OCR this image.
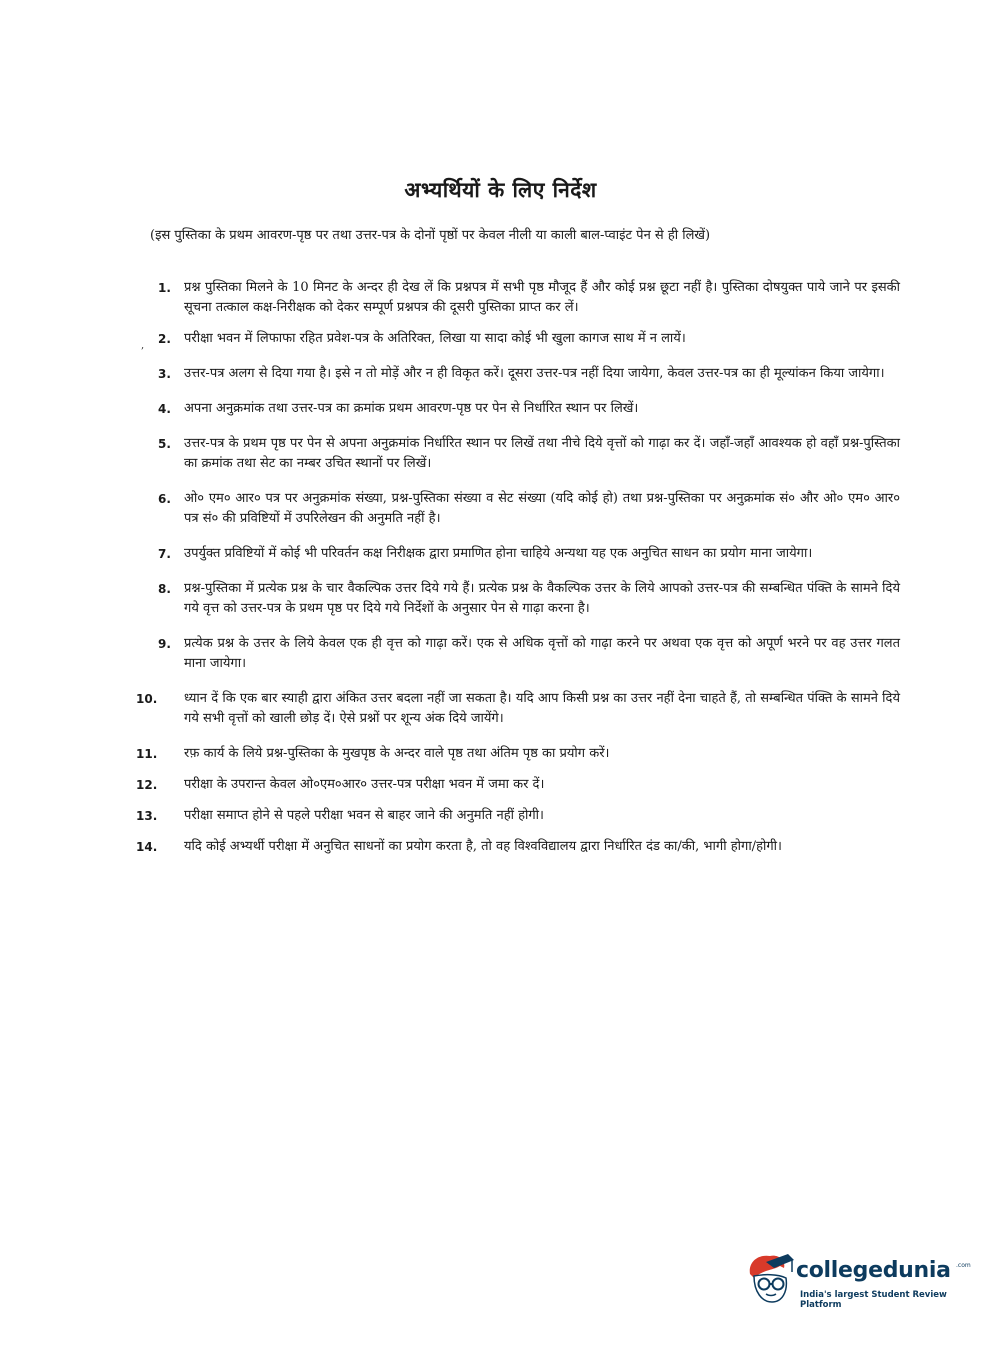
अभ्यर्थियों के लिए निर्देश
(इस पुस्तिका के प्रथम आवरण-पृष्ठ पर तथा उत्तर-पत्र के दोनों पृष्ठों पर केवल नीली या काली बाल-प्वाइंट पेन से ही लिखें)
,
1.	प्रश्न पुस्तिका मिलने के 10 मिनट के अन्दर ही देख लें कि प्रश्नपत्र में सभी पृष्ठ मौजूद हैं और कोई प्रश्न छूटा नहीं है। पुस्तिका दोषयुक्त पाये जाने पर इसकी सूचना तत्काल कक्ष-निरीक्षक को देकर सम्पूर्ण प्रश्नपत्र की दूसरी पुस्तिका प्राप्त कर लें।
2.	परीक्षा भवन में लिफाफा रहित प्रवेश-पत्र के अतिरिक्त, लिखा या सादा कोई भी खुला कागज साथ में न लायें।
3.	उत्तर-पत्र अलग से दिया गया है। इसे न तो मोड़ें और न ही विकृत करें। दूसरा उत्तर-पत्र नहीं दिया जायेगा, केवल उत्तर-पत्र का ही मूल्यांकन किया जायेगा।
4.	अपना अनुक्रमांक तथा उत्तर-पत्र का क्रमांक प्रथम आवरण-पृष्ठ पर पेन से निर्धारित स्थान पर लिखें।
5.	उत्तर-पत्र के प्रथम पृष्ठ पर पेन से अपना अनुक्रमांक निर्धारित स्थान पर लिखें तथा नीचे दिये वृत्तों को गाढ़ा कर दें। जहाँ-जहाँ आवश्यक हो वहाँ प्रश्न-पुस्तिका का क्रमांक तथा सेट का नम्बर उचित स्थानों पर लिखें।
6.	ओ० एम० आर० पत्र पर अनुक्रमांक संख्या, प्रश्न-पुस्तिका संख्या व सेट संख्या (यदि कोई हो) तथा प्रश्न-पुस्तिका पर अनुक्रमांक सं० और ओ० एम० आर० पत्र सं० की प्रविष्टियों में उपरिलेखन की अनुमति नहीं है।
7.	उपर्युक्त प्रविष्टियों में कोई भी परिवर्तन कक्ष निरीक्षक द्वारा प्रमाणित होना चाहिये अन्यथा यह एक अनुचित साधन का प्रयोग माना जायेगा।
8.	प्रश्न-पुस्तिका में प्रत्येक प्रश्न के चार वैकल्पिक उत्तर दिये गये हैं। प्रत्येक प्रश्न के वैकल्पिक उत्तर के लिये आपको उत्तर-पत्र की सम्बन्धित पंक्ति के सामने दिये गये वृत्त को उत्तर-पत्र के प्रथम पृष्ठ पर दिये गये निर्देशों के अनुसार पेन से गाढ़ा करना है।
9.	प्रत्येक प्रश्न के उत्तर के लिये केवल एक ही वृत्त को गाढ़ा करें। एक से अधिक वृत्तों को गाढ़ा करने पर अथवा एक वृत्त को अपूर्ण भरने पर वह उत्तर गलत माना जायेगा।
10. ध्यान दें कि एक बार स्याही द्वारा अंकित उत्तर बदला नहीं जा सकता है। यदि आप किसी प्रश्न का उत्तर नहीं देना चाहते हैं, तो सम्बन्धित पंक्ति के सामने दिये गये सभी वृत्तों को खाली छोड़ दें। ऐसे प्रश्नों पर शून्य अंक दिये जायेंगे।
11. रफ़ कार्य के लिये प्रश्न-पुस्तिका के मुखपृष्ठ के अन्दर वाले पृष्ठ तथा अंतिम पृष्ठ का प्रयोग करें।
12. परीक्षा के उपरान्त केवल ओ०एम०आर० उत्तर-पत्र परीक्षा भवन में जमा कर दें।
13. परीक्षा समाप्त होने से पहले परीक्षा भवन से बाहर जाने की अनुमति नहीं होगी।
14. यदि कोई अभ्यर्थी परीक्षा में अनुचित साधनों का प्रयोग करता है, तो वह विश्वविद्यालय द्वारा निर्धारित दंड का/की, भागी होगा/होगी।
collegedunia .com
India's largest Student Review Platform
